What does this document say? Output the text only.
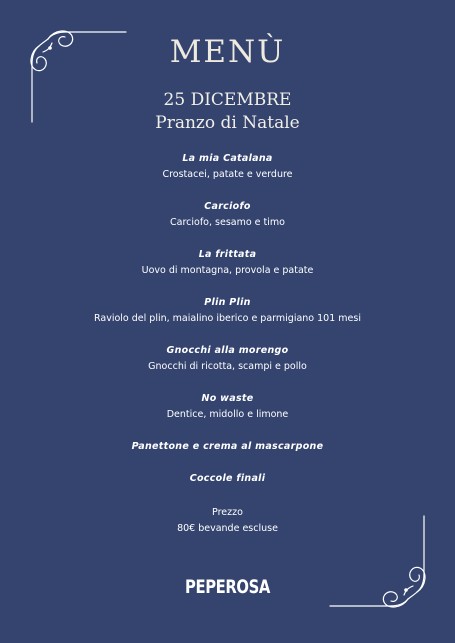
MENÙ
25 DICEMBRE
Pranzo di Natale
La mia Catalana
Crostacei, patate e verdure
Carciofo
Carciofo, sesamo e timo
La frittata
Uovo di montagna, provola e patate
Plin Plin
Raviolo del plin, maialino iberico e parmigiano 101 mesi
Gnocchi alla morengo
Gnocchi di ricotta, scampi e pollo
No waste
Dentice, midollo e limone
Panettone e crema al mascarpone
Coccole finali
Prezzo
80€ bevande escluse
PEPEROSA
